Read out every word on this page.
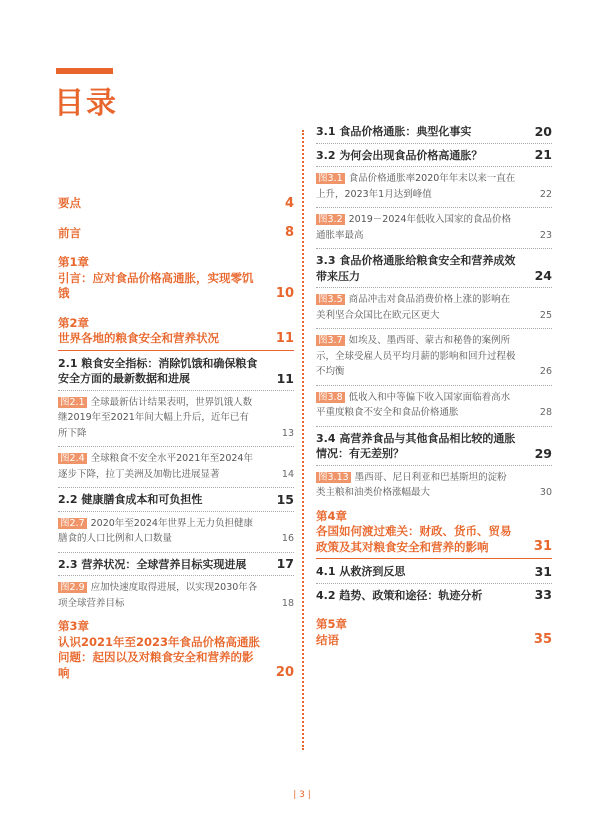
目录
要点	4
前言	8
第1章
引言：应对食品价格高通胀，实现零饥饿	10
第2章
世界各地的粮食安全和营养状况	11
2.1 粮食安全指标：消除饥饿和确保粮食安全方面的最新数据和进展	11
图2.1 全球最新估计结果表明，世界饥饿人数继2019年至2021年间大幅上升后，近年已有所下降	13
图2.4 全球粮食不安全水平2021年至2024年逐步下降，拉丁美洲及加勒比进展显著	14
2.2 健康膳食成本和可负担性	15
图2.7 2020年至2024年世界上无力负担健康膳食的人口比例和人口数量	16
2.3 营养状况：全球营养目标实现进展	17
图2.9 应加快速度取得进展，以实现2030年各项全球营养目标	18
第3章
认识2021年至2023年食品价格高通胀问题：起因以及对粮食安全和营养的影响	20
3.1 食品价格通胀：典型化事实	20
3.2 为何会出现食品价格高通胀？	21
图3.1 食品价格通胀率2020年年末以来一直在上升，2023年1月达到峰值	22
图3.2 2019－2024年低收入国家的食品价格通胀率最高	23
3.3 食品价格通胀给粮食安全和营养成效带来压力	24
图3.5 商品冲击对食品消费价格上涨的影响在美利坚合众国比在欧元区更大	25
图3.7 如埃及、墨西哥、蒙古和秘鲁的案例所示，全球受雇人员平均月薪的影响和回升过程极不均衡	26
图3.8 低收入和中等偏下收入国家面临着高水平重度粮食不安全和食品价格通胀	28
3.4 高营养食品与其他食品相比较的通胀情况：有无差别？	29
图3.13 墨西哥、尼日利亚和巴基斯坦的淀粉类主粮和油类价格涨幅最大	30
第4章
各国如何渡过难关：财政、货币、贸易政策及其对粮食安全和营养的影响	31
4.1 从救济到反思	31
4.2 趋势、政策和途径：轨迹分析	33
第5章
结语	35
| 3 |
